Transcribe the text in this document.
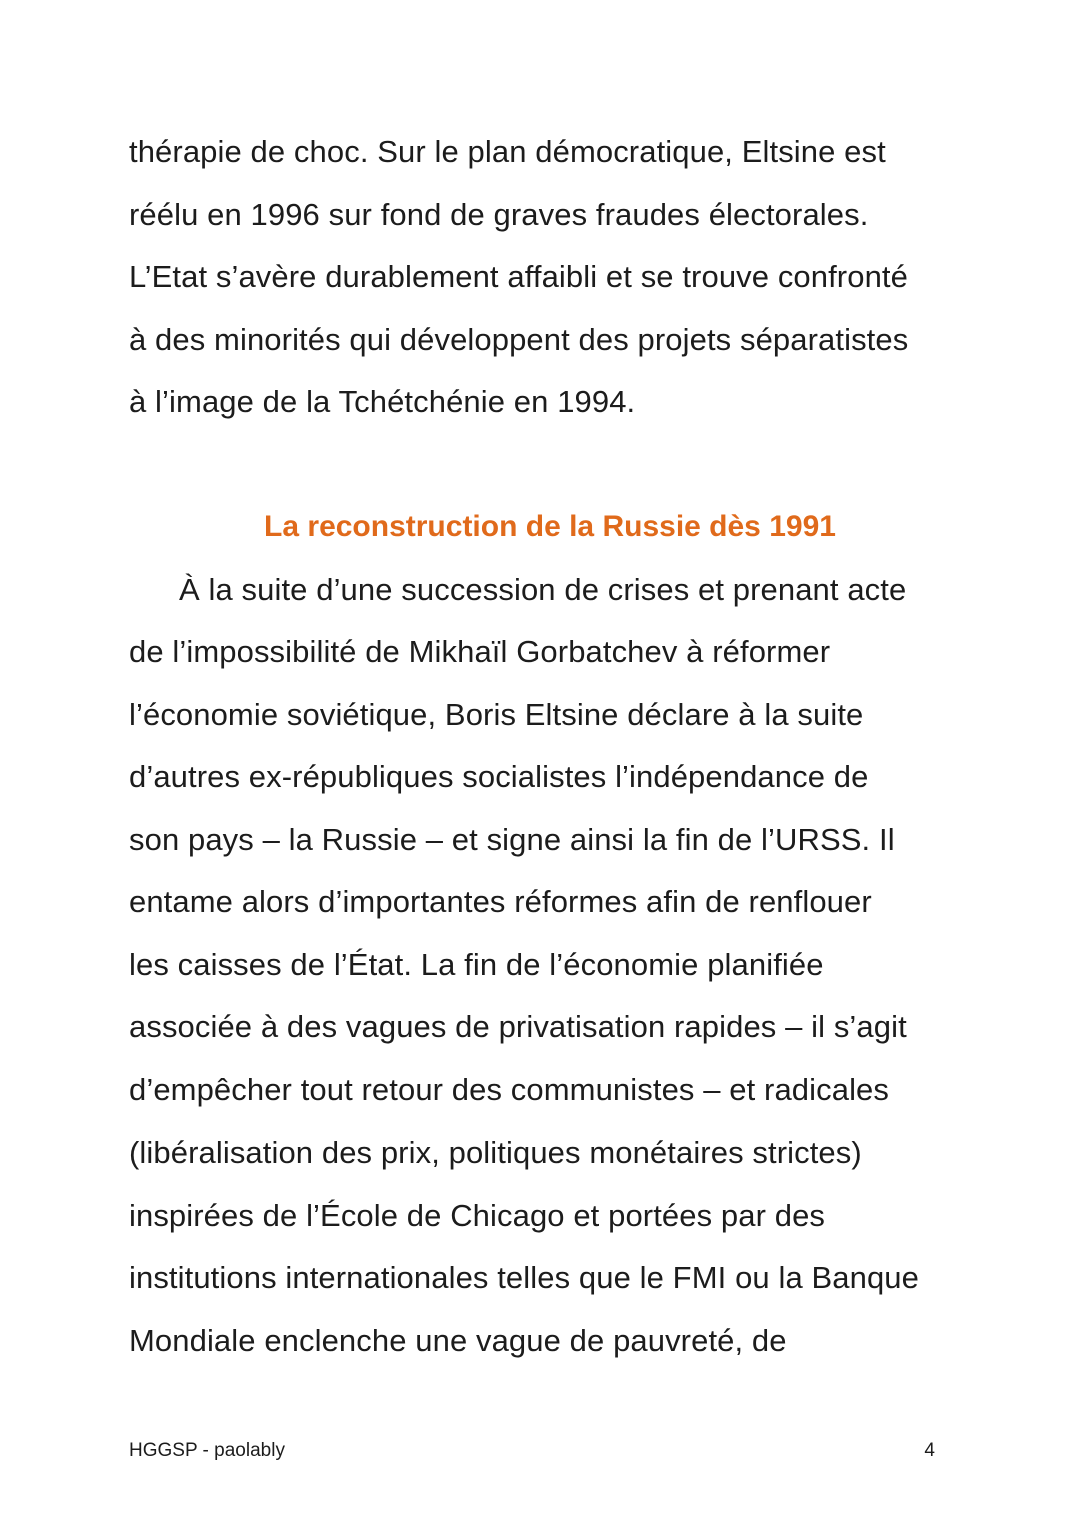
thérapie de choc. Sur le plan démocratique, Eltsine est
réélu en 1996 sur fond de graves fraudes électorales.
L’Etat s’avère durablement affaibli et se trouve confronté
à des minorités qui développent des projets séparatistes
à l’image de la Tchétchénie en 1994.
La reconstruction de la Russie dès 1991
À la suite d’une succession de crises et prenant acte
de l’impossibilité de Mikhaïl Gorbatchev à réformer
l’économie soviétique, Boris Eltsine déclare à la suite
d’autres ex-républiques socialistes l’indépendance de
son pays – la Russie – et signe ainsi la fin de l’URSS. Il
entame alors d’importantes réformes afin de renflouer
les caisses de l’État. La fin de l’économie planifiée
associée à des vagues de privatisation rapides – il s’agit
d’empêcher tout retour des communistes – et radicales
(libéralisation des prix, politiques monétaires strictes)
inspirées de l’École de Chicago et portées par des
institutions internationales telles que le FMI ou la Banque
Mondiale enclenche une vague de pauvreté, de
HGGSP - paolably	4
